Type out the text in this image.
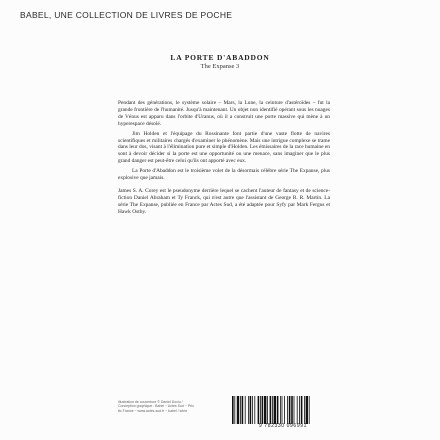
BABEL, UNE COLLECTION DE LIVRES DE POCHE
LA PORTE D'ABADDON
The Expanse 3

Pendant des générations, le système solaire – Mars, la Lune, la ceinture d'astéroïdes – fut la grande frontière de l'humanité. Jusqu'à maintenant. Un objet non identifié opérant sous les nuages de Vénus est apparu dans l'orbite d'Uranus, où il a construit une porte massive qui mène à un hyperespace désolé.

Jim Holden et l'équipage du Rossinante font partie d'une vaste flotte de navires scientifiques et militaires chargés d'examiner le phénomène. Mais une intrigue complexe se trame dans leur dos, visant à l'élimination pure et simple d'Holden. Les émissaires de la race humaine en sont à devoir décider si la porte est une opportunité ou une menace, sans imaginer que le plus grand danger est peut-être celui qu'ils ont apporté avec eux.

La Porte d'Abaddon est le troisième volet de la désormais célèbre série The Expanse, plus explosive que jamais.

James S. A. Corey est le pseudonyme derrière lequel se cachent l'auteur de fantasy et de science-fiction Daniel Abraham et Ty Franck, qui n'est autre que l'assistant de George R. R. Martin. La série The Expanse, publiée en France par Actes Sud, a été adaptée pour Syfy par Mark Fergus et Hawk Ostby.

Illustration de couverture © Daniel Dociu / Conception graphique : Babel ~ Actes Sud ~ Prix ttc France ~ www.actes-sud.fr ~ babel / série
9 782330 096991
